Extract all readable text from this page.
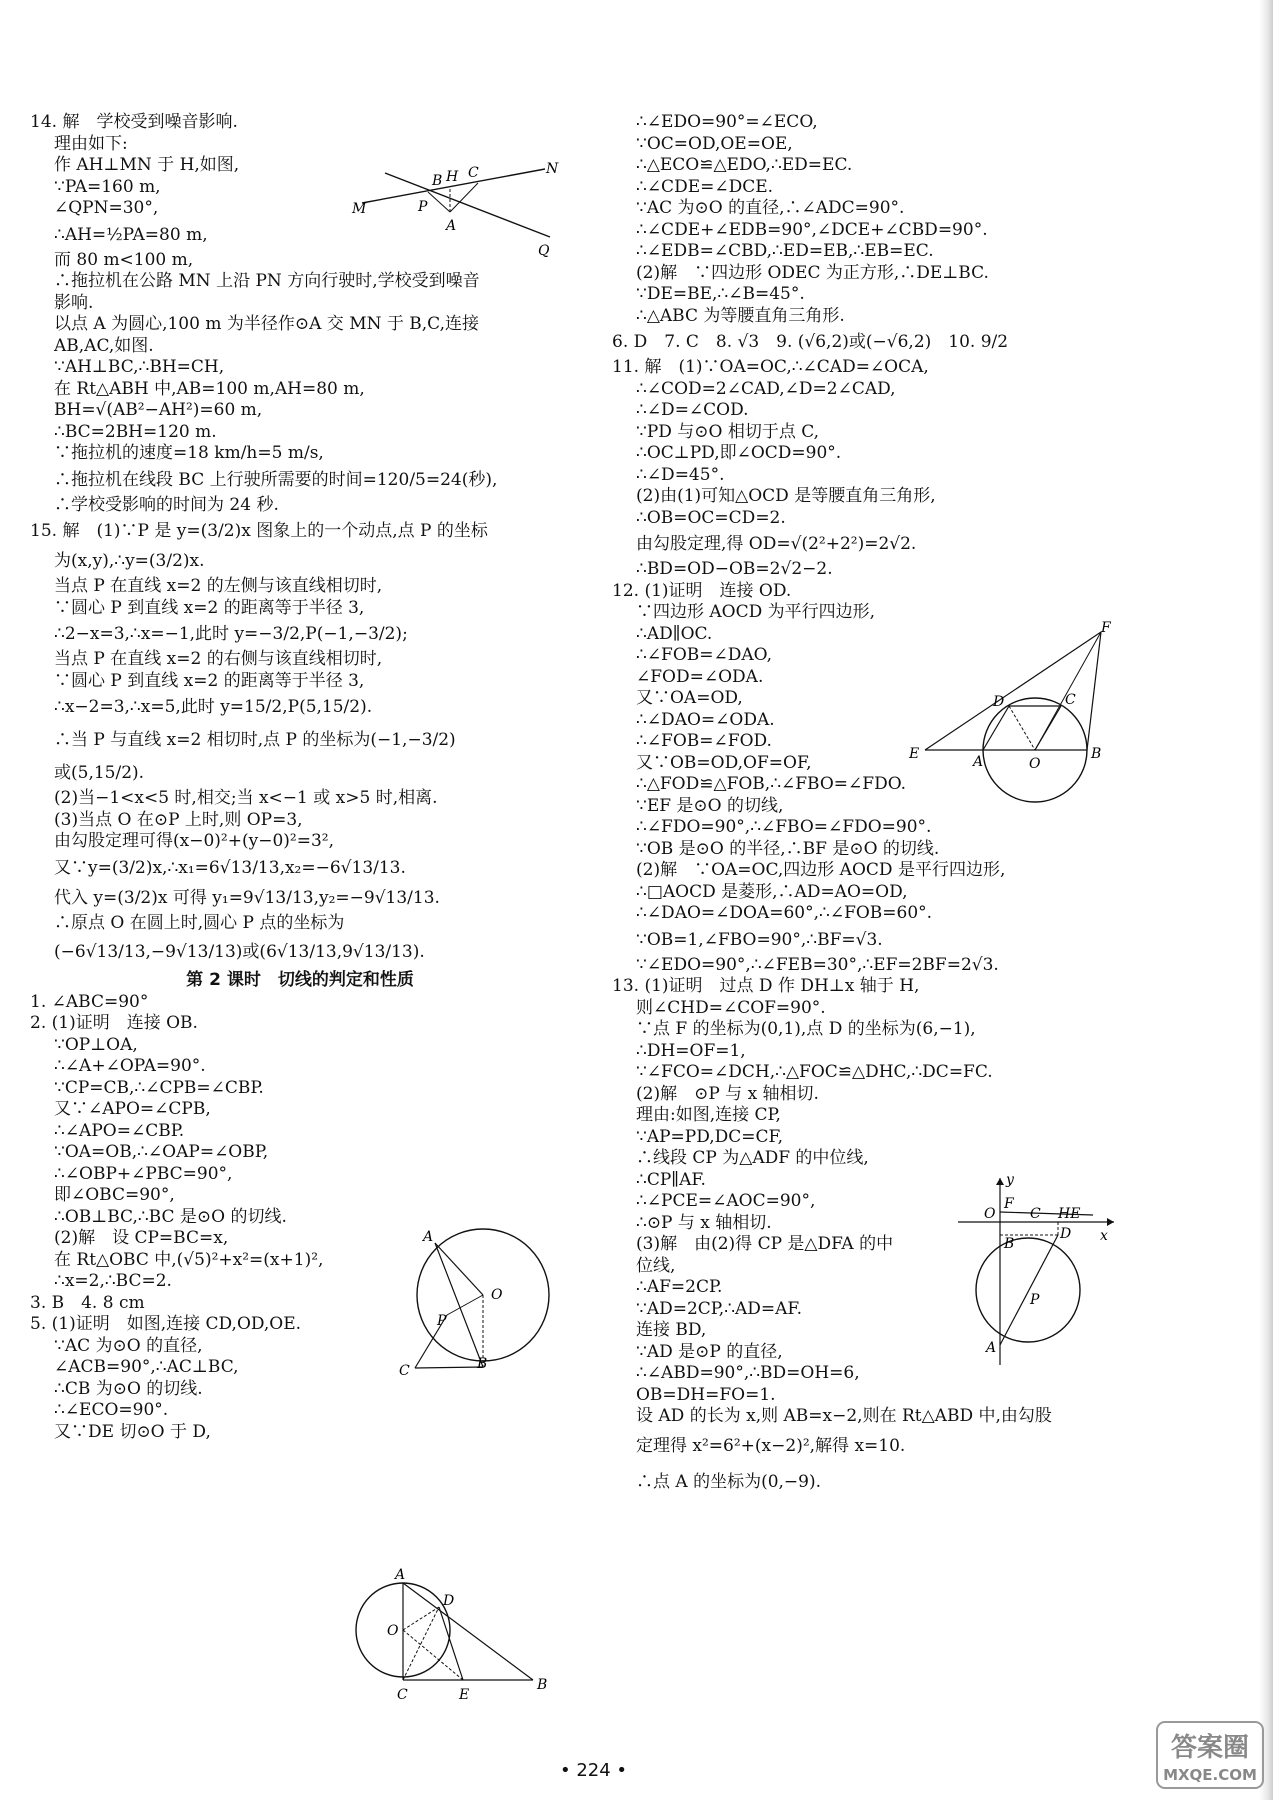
14. 解　学校受到噪音影响.
理由如下:
作 AH⊥MN 于 H,如图,
∵PA=160 m,
∠QPN=30°,
∴AH=½PA=80 m,
而 80 m<100 m,
∴拖拉机在公路 MN 上沿 PN 方向行驶时,学校受到噪音
影响.
以点 A 为圆心,100 m 为半径作⊙A 交 MN 于 B,C,连接
AB,AC,如图.
∵AH⊥BC,∴BH=CH,
在 Rt△ABH 中,AB=100 m,AH=80 m,
BH=√(AB²−AH²)=60 m,
∴BC=2BH=120 m.
∵拖拉机的速度=18 km/h=5 m/s,
∴拖拉机在线段 BC 上行驶所需要的时间=120/5=24(秒),
∴学校受影响的时间为 24 秒.
15. 解　(1)∵P 是 y=(3/2)x 图象上的一个动点,点 P 的坐标
为(x,y),∴y=(3/2)x.
当点 P 在直线 x=2 的左侧与该直线相切时,
∵圆心 P 到直线 x=2 的距离等于半径 3,
∴2−x=3,∴x=−1,此时 y=−3/2,P(−1,−3/2);
当点 P 在直线 x=2 的右侧与该直线相切时,
∵圆心 P 到直线 x=2 的距离等于半径 3,
∴x−2=3,∴x=5,此时 y=15/2,P(5,15/2).
∴当 P 与直线 x=2 相切时,点 P 的坐标为(−1,−3/2)
或(5,15/2).
(2)当−1<x<5 时,相交;当 x<−1 或 x>5 时,相离.
(3)当点 O 在⊙P 上时,则 OP=3,
由勾股定理可得(x−0)²+(y−0)²=3²,
又∵y=(3/2)x,∴x₁=6√13/13,x₂=−6√13/13.
代入 y=(3/2)x 可得 y₁=9√13/13,y₂=−9√13/13.
∴原点 O 在圆上时,圆心 P 点的坐标为
(−6√13/13,−9√13/13)或(6√13/13,9√13/13).
第 2 课时　切线的判定和性质
1. ∠ABC=90°
2. (1)证明　连接 OB.
∵OP⊥OA,
∴∠A+∠OPA=90°.
∵CP=CB,∴∠CPB=∠CBP.
又∵∠APO=∠CPB,
∴∠APO=∠CBP.
∵OA=OB,∴∠OAP=∠OBP,
∴∠OBP+∠PBC=90°,
即∠OBC=90°,
∴OB⊥BC,∴BC 是⊙O 的切线.
(2)解　设 CP=BC=x,
在 Rt△OBC 中,(√5)²+x²=(x+1)²,
∴x=2,∴BC=2.
3. B　4. 8 cm
5. (1)证明　如图,连接 CD,OD,OE.
∵AC 为⊙O 的直径,
∠ACB=90°,∴AC⊥BC,
∴CB 为⊙O 的切线.
∴∠ECO=90°.
又∵DE 切⊙O 于 D,
∴∠EDO=90°=∠ECO,
∵OC=OD,OE=OE,
∴△ECO≌△EDO,∴ED=EC.
∴∠CDE=∠DCE.
∵AC 为⊙O 的直径,∴∠ADC=90°.
∴∠CDE+∠EDB=90°,∠DCE+∠CBD=90°.
∴∠EDB=∠CBD,∴ED=EB,∴EB=EC.
(2)解　∵四边形 ODEC 为正方形,∴DE⊥BC.
∵DE=BE,∴∠B=45°.
∴△ABC 为等腰直角三角形.
6. D　7. C　8. √3　9. (√6,2)或(−√6,2)　10. 9/2
11. 解　(1)∵OA=OC,∴∠CAD=∠OCA,
∴∠COD=2∠CAD,∠D=2∠CAD,
∴∠D=∠COD.
∵PD 与⊙O 相切于点 C,
∴OC⊥PD,即∠OCD=90°.
∴∠D=45°.
(2)由(1)可知△OCD 是等腰直角三角形,
∴OB=OC=CD=2.
由勾股定理,得 OD=√(2²+2²)=2√2.
∴BD=OD−OB=2√2−2.
12. (1)证明　连接 OD.
∵四边形 AOCD 为平行四边形,
∴AD∥OC.
∴∠FOB=∠DAO,
∠FOD=∠ODA.
又∵OA=OD,
∴∠DAO=∠ODA.
∴∠FOB=∠FOD.
又∵OB=OD,OF=OF,
∴△FOD≌△FOB,∴∠FBO=∠FDO.
∵EF 是⊙O 的切线,
∴∠FDO=90°,∴∠FBO=∠FDO=90°.
∵OB 是⊙O 的半径,∴BF 是⊙O 的切线.
(2)解　∵OA=OC,四边形 AOCD 是平行四边形,
∴□AOCD 是菱形,∴AD=AO=OD,
∴∠DAO=∠DOA=60°,∴∠FOB=60°.
∵OB=1,∠FBO=90°,∴BF=√3.
∵∠EDO=90°,∴∠FEB=30°,∴EF=2BF=2√3.
13. (1)证明　过点 D 作 DH⊥x 轴于 H,
则∠CHD=∠COF=90°.
∵点 F 的坐标为(0,1),点 D 的坐标为(6,−1),
∴DH=OF=1,
∵∠FCO=∠DCH,∴△FOC≌△DHC,∴DC=FC.
(2)解　⊙P 与 x 轴相切.
理由:如图,连接 CP,
∵AP=PD,DC=CF,
∴线段 CP 为△ADF 的中位线,
∴CP∥AF.
∴∠PCE=∠AOC=90°,
∴⊙P 与 x 轴相切.
(3)解　由(2)得 CP 是△DFA 的中
位线,
∴AF=2CP.
∵AD=2CP,∴AD=AF.
连接 BD,
∵AD 是⊙P 的直径,
∴∠ABD=90°,∴BD=OH=6,
OB=DH=FO=1.
设 AD 的长为 x,则 AB=x−2,则在 Rt△ABD 中,由勾股
定理得 x²=6²+(x−2)²,解得 x=10.
∴点 A 的坐标为(0,−9).
M	P
B H C	N
A
Q
A
O
P
C	B
A
O
D
C	E
B
F
D	C
E	A	O
B
y
O
F
C HE
D x
B
P
A
• 224 •
答案圈
MXQE.COM
